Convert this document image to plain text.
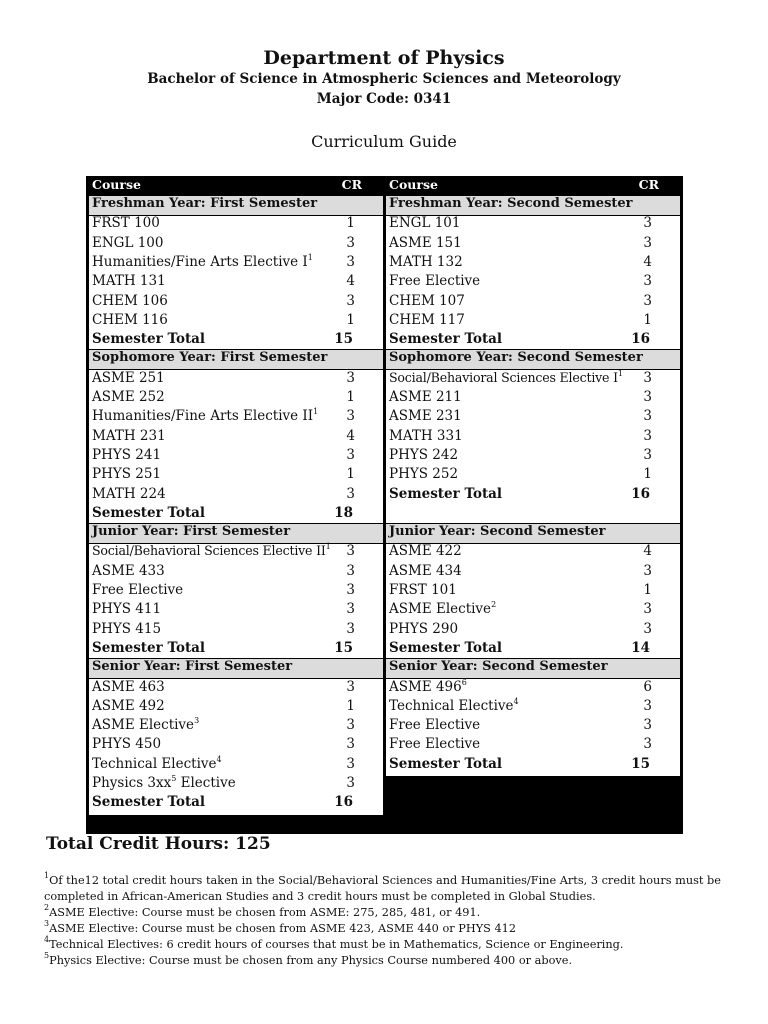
Department of Physics
Bachelor of Science in Atmospheric Sciences and Meteorology
Major Code: 0341
Curriculum Guide
Course	CR
Freshman Year: First Semester
FRST 100	1
ENGL 100	3
Humanities/Fine Arts Elective $I^1$ 3
MATH 131	4
CHEM 106	3
CHEM 116	1
Semester Total	15
Sophomore Year: First Semester
ASME 251	3
ASME 252	1
Humanities/Fine Arts Elective $II^1$ 3
MATH 231	4
PHYS 241	3
PHYS 251	1
MATH 224	3
Semester Total	18
Junior Year: First Semester
Social/Behavioral Sciences Elective $II^1$ 3
ASME 433	3
Free Elective	3
PHYS 411	3
PHYS 415	3
Semester Total	15
Senior Year: First Semester
ASME 463	3
ASME 492	1
ASME Elective$^3$	3
PHYS 450	3
Technical Elective$^4$	3
Physics $3xx^5$ Elective	3
Semester Total	16
Course	CR
Freshman Year: Second Semester
ENGL 101	3
ASME 151	3
MATH 132	4
Free Elective	3
CHEM 107	3
CHEM 117	1
Semester Total	16
Sophomore Year: Second Semester
Social/Behavioral Sciences Elective $I^1$ 3
ASME 211	3
ASME 231	3
MATH 331	3
PHYS 242	3
PHYS 252	1
Semester Total	16
Junior Year: Second Semester
ASME 422	4
ASME 434	3
FRST 101	1
ASME Elective$^2$	3
PHYS 290	3
Semester Total	14
Senior Year: Second Semester
ASME $496^6$	6
Technical Elective$^4$	3
Free Elective	3
Free Elective	3
Semester Total	15
Total Credit Hours: 125

$^1$Of the12 total credit hours taken in the Social/Behavioral Sciences and Humanities/Fine Arts, 3 credit hours must be completed in African-American Studies and 3 credit hours must be completed in Global Studies.

$^2$ASME Elective: Course must be chosen from ASME: 275, 285, 481, or 491.

$^3$ASME Elective: Course must be chosen from ASME 423, ASME 440 or PHYS 412

$^4$Technical Electives: 6 credit hours of courses that must be in Mathematics, Science or Engineering.

$^5$Physics Elective: Course must be chosen from any Physics Course numbered 400 or above.
